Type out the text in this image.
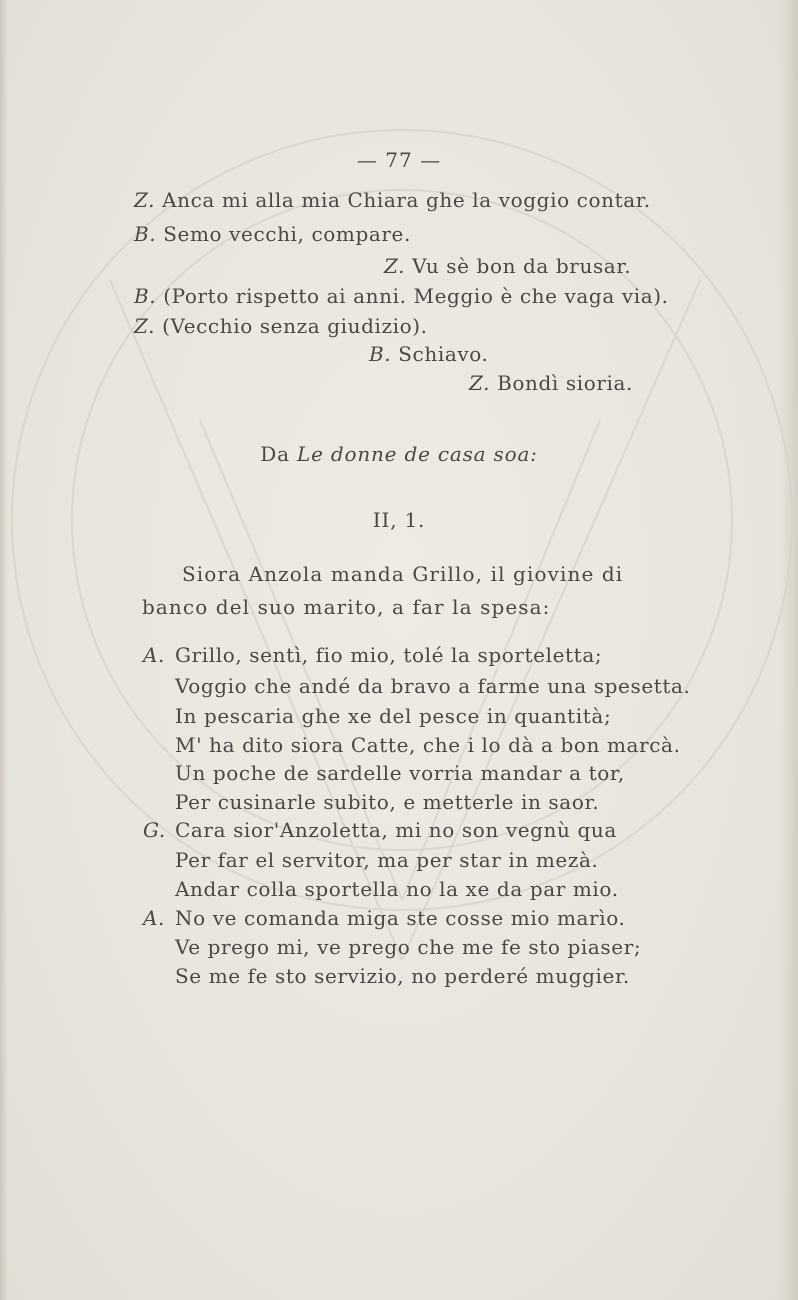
— 77 —
Z. Anca mi alla mia Chiara ghe la voggio contar.
B. Semo vecchi, compare.
Z. Vu sè bon da brusar.
B. (Porto rispetto ai anni. Meggio è che vaga via).
Z. (Vecchio senza giudizio).
B. Schiavo.
Z. Bondì sioria.
Da Le donne de casa soa:
II, 1.
Siora Anzola manda Grillo, il giovine di
banco del suo marito, a far la spesa:
A. Grillo, sentì, fio mio, tolé la sporteletta;
Voggio che andé da bravo a farme una spesetta.
In pescaria ghe xe del pesce in quantità;
M' ha dito siora Catte, che i lo dà a bon marcà.
Un poche de sardelle vorria mandar a tor,
Per cusinarle subito, e metterle in saor.
G. Cara sior'Anzoletta, mi no son vegnù qua
Per far el servitor, ma per star in mezà.
Andar colla sportella no la xe da par mio.
A. No ve comanda miga ste cosse mio marìo.
Ve prego mi, ve prego che me fe sto piaser;
Se me fe sto servizio, no perderé muggier.
